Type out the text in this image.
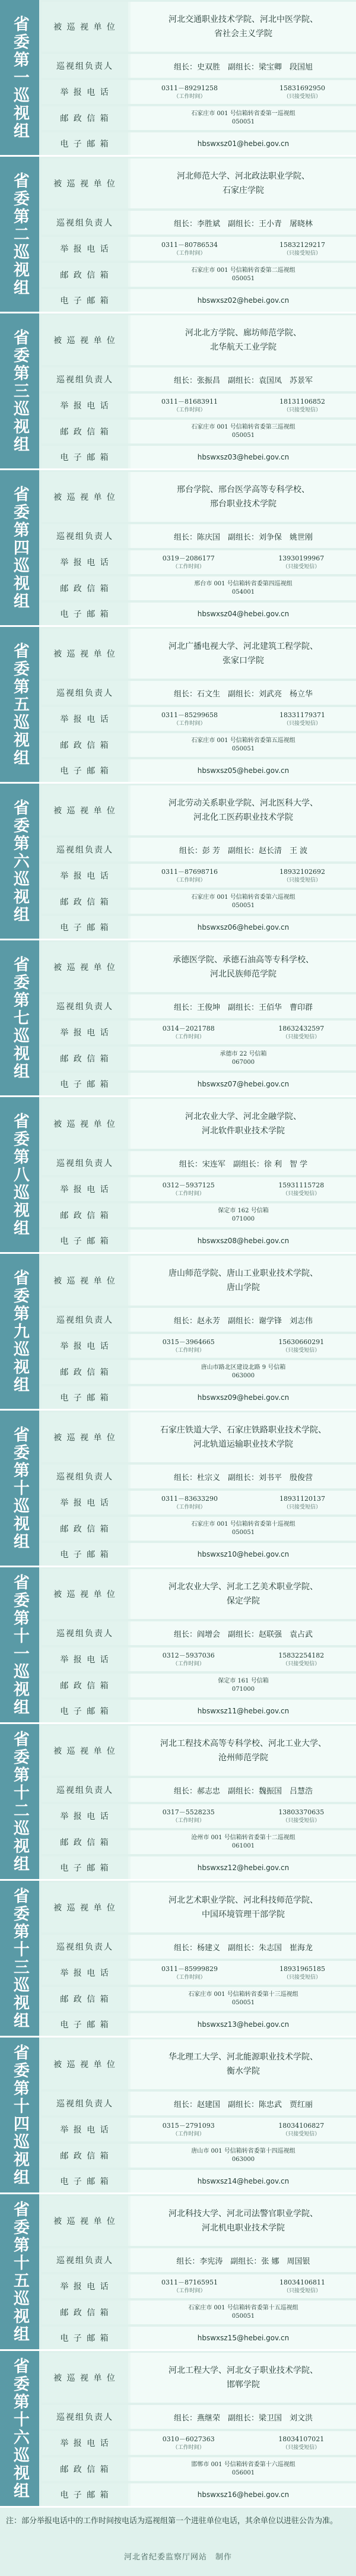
省委第一巡视组	被 巡 视 单 位
河北交通职业技术学院、河北中医学院、
省社会主义学院
巡视组负责人	组长：史双胜　副组长：梁宝卿　段国旭
举 报 电 话	0311－89291258
（工作时间）
15831692950
（只接受短信）
邮 政 信 箱
石家庄市 001 号信箱转省委第一巡视组
050051
电 子 邮 箱	hbswxsz01@hebei.gov.cn
省委第二巡视组	被 巡 视 单 位
河北师范大学、河北政法职业学院、
石家庄学院
巡视组负责人	组长：李胜斌　副组长：王小青　屠晓林
举 报 电 话	0311－80786534
（工作时间）
15832129217
（只接受短信）
邮 政 信 箱
石家庄市 001 号信箱转省委第二巡视组
050051
电 子 邮 箱	hbswxsz02@hebei.gov.cn
省委第三巡视组	被 巡 视 单 位
河北北方学院、廊坊师范学院、
北华航天工业学院
巡视组负责人	组长：张振昌　副组长：袁国凤　苏景军
举 报 电 话	0311－81683911
（工作时间）
18131106852
（只接受短信）
邮 政 信 箱
石家庄市 001 号信箱转省委第三巡视组
050051
电 子 邮 箱	hbswxsz03@hebei.gov.cn
省委第四巡视组	被 巡 视 单 位
邢台学院、邢台医学高等专科学校、
邢台职业技术学院
巡视组负责人	组长：陈庆国　副组长：刘争保　姚世刚
举 报 电 话	0319－2086177
（工作时间）
13930199967
（只接受短信）
邮 政 信 箱
邢台市 001 号信箱转省委第四巡视组
054001
电 子 邮 箱	hbswxsz04@hebei.gov.cn
省委第五巡视组	被 巡 视 单 位
河北广播电视大学、河北建筑工程学院、
张家口学院
巡视组负责人	组长：石文生　副组长：刘武亮　杨立华
举 报 电 话	0311－85299658
（工作时间）
18331179371
（只接受短信）
邮 政 信 箱
石家庄市 001 号信箱转省委第五巡视组
050051
电 子 邮 箱	hbswxsz05@hebei.gov.cn
省委第六巡视组	被 巡 视 单 位
河北劳动关系职业学院、河北医科大学、
河北化工医药职业技术学院
巡视组负责人	组长：彭 芳　副组长：赵长清　王 波
举 报 电 话	0311－87698716
（工作时间）
18932102692
（只接受短信）
邮 政 信 箱
石家庄市 001 号信箱转省委第六巡视组
050051
电 子 邮 箱	hbswxsz06@hebei.gov.cn
省委第七巡视组	被 巡 视 单 位
承德医学院、承德石油高等专科学校、
河北民族师范学院
巡视组负责人	组长：王俊坤　副组长：王佰华　曹印群
举 报 电 话	0314－2021788
（工作时间）
18632432597
（只接受短信）
邮 政 信 箱
承德市 22 号信箱
067000
电 子 邮 箱	hbswxsz07@hebei.gov.cn
省委第八巡视组	被 巡 视 单 位
河北农业大学、河北金融学院、
河北软件职业技术学院
巡视组负责人	组长：宋连军　副组长：徐 利　智 学
举 报 电 话	0312－5937125
（工作时间）
15931115728
（只接受短信）
邮 政 信 箱
保定市 162 号信箱
071000
电 子 邮 箱	hbswxsz08@hebei.gov.cn
省委第九巡视组	被 巡 视 单 位
唐山师范学院、唐山工业职业技术学院、
唐山学院
巡视组负责人	组长：赵永芳　副组长：谢学锋　刘志伟
举 报 电 话	0315－3964665
（工作时间）
15630660291
（只接受短信）
邮 政 信 箱
唐山市路北区建设北路 9 号信箱
063000
电 子 邮 箱	hbswxsz09@hebei.gov.cn
省委第十巡视组	被 巡 视 单 位
石家庄铁道大学、石家庄铁路职业技术学院、
河北轨道运输职业技术学院
巡视组负责人	组长：杜宗义　副组长：刘书平　殷俊营
举 报 电 话	0311－83633290
（工作时间）
18931120137
（只接受短信）
邮 政 信 箱
石家庄市 001 号信箱转省委第十巡视组
050051
电 子 邮 箱	hbswxsz10@hebei.gov.cn
省委第十一巡视组	被 巡 视 单 位
河北农业大学、河北工艺美术职业学院、
保定学院
巡视组负责人	组长：阎增会　副组长：赵联强　袁占武
举 报 电 话	0312－5937036
（工作时间）
15832254182
（只接受短信）
邮 政 信 箱
保定市 161 号信箱
071000
电 子 邮 箱	hbswxsz11@hebei.gov.cn
省委第十二巡视组	被 巡 视 单 位
河北工程技术高等专科学校、河北工业大学、
沧州师范学院
巡视组负责人	组长：郝志忠　副组长：魏振国　吕慧浩
举 报 电 话	0317－5528235
（工作时间）
13803370635
（只接受短信）
邮 政 信 箱
沧州市 001 号信箱转省委第十二巡视组
061001
电 子 邮 箱	hbswxsz12@hebei.gov.cn
省委第十三巡视组	被 巡 视 单 位
河北艺术职业学院、河北科技师范学院、
中国环境管理干部学院
巡视组负责人	组长：杨建义　副组长：朱志国　崔海龙
举 报 电 话	0311－85999829
（工作时间）
18931965185
（只接受短信）
邮 政 信 箱
石家庄市 001 号信箱转省委第十三巡视组
050051
电 子 邮 箱	hbswxsz13@hebei.gov.cn
省委第十四巡视组	被 巡 视 单 位
华北理工大学、河北能源职业技术学院、
衡水学院
巡视组负责人	组长：赵建国　副组长：陈忠武　贾红丽
举 报 电 话	0315－2791093
（工作时间）
18034106827
（只接受短信）
邮 政 信 箱
唐山市 001 号信箱转省委第十四巡视组
063000
电 子 邮 箱	hbswxsz14@hebei.gov.cn
省委第十五巡视组	被 巡 视 单 位
河北科技大学、河北司法警官职业学院、
河北机电职业技术学院
巡视组负责人	组长：李宪涛　副组长：张 娜　周国银
举 报 电 话	0311－87165951
（工作时间）
18034106811
（只接受短信）
邮 政 信 箱
石家庄市 001 号信箱转省委第十五巡视组
050051
电 子 邮 箱	hbswxsz15@hebei.gov.cn
省委第十六巡视组	被 巡 视 单 位
河北工程大学、河北女子职业技术学院、
邯郸学院
巡视组负责人	组长：燕继荣　副组长：梁卫国　刘文洪
举 报 电 话	0310－6027363
（工作时间）
18034107021
（只接受短信）
邮 政 信 箱
邯郸市 001 号信箱转省委第十六巡视组
056001
电 子 邮 箱	hbswxsz16@hebei.gov.cn
注：部分举报电话中的工作时间按电话为巡视组第一个进驻单位电话，其余单位以进驻公告为准。
河北省纪委监察厅网站　制作
